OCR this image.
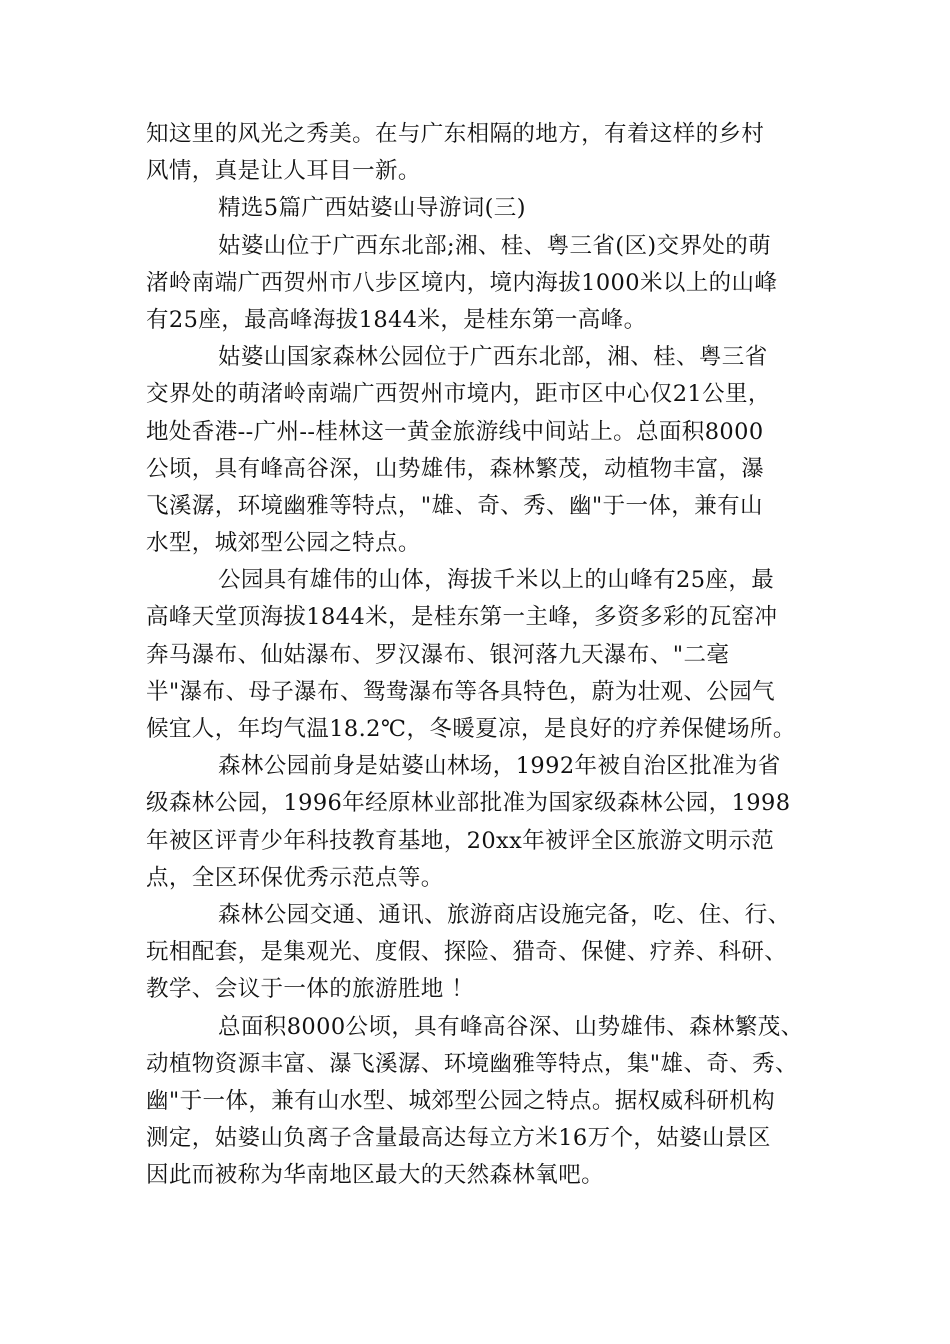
知这里的风光之秀美。在与广东相隔的地方，有着这样的乡村
风情，真是让人耳目一新。
精选5篇广西姑婆山导游词(三)
姑婆山位于广西东北部;湘、桂、粤三省(区)交界处的萌
渚岭南端广西贺州市八步区境内，境内海拔1000米以上的山峰
有25座，最高峰海拔1844米，是桂东第一高峰。
姑婆山国家森林公园位于广西东北部，湘、桂、粤三省
交界处的萌渚岭南端广西贺州市境内，距市区中心仅21公里，
地处香港--广州--桂林这一黄金旅游线中间站上。总面积8000
公顷，具有峰高谷深，山势雄伟，森林繁茂，动植物丰富，瀑
飞溪潺，环境幽雅等特点，"雄、奇、秀、幽"于一体，兼有山
水型，城郊型公园之特点。
公园具有雄伟的山体，海拔千米以上的山峰有25座，最
高峰天堂顶海拔1844米，是桂东第一主峰，多资多彩的瓦窑冲
奔马瀑布、仙姑瀑布、罗汉瀑布、银河落九天瀑布、"二毫
半"瀑布、母子瀑布、鸳鸯瀑布等各具特色，蔚为壮观、公园气
候宜人，年均气温18.2℃，冬暖夏凉，是良好的疗养保健场所。
森林公园前身是姑婆山林场，1992年被自治区批准为省
级森林公园，1996年经原林业部批准为国家级森林公园，1998
年被区评青少年科技教育基地，20xx年被评全区旅游文明示范
点，全区环保优秀示范点等。
森林公园交通、通讯、旅游商店设施完备，吃、住、行、
玩相配套，是集观光、度假、探险、猎奇、保健、疗养、科研、
教学、会议于一体的旅游胜地 ！
总面积8000公顷，具有峰高谷深、山势雄伟、森林繁茂、
动植物资源丰富、瀑飞溪潺、环境幽雅等特点，集"雄、奇、秀、
幽"于一体，兼有山水型、城郊型公园之特点。据权威科研机构
测定，姑婆山负离子含量最高达每立方米16万个，姑婆山景区
因此而被称为华南地区最大的天然森林氧吧。
